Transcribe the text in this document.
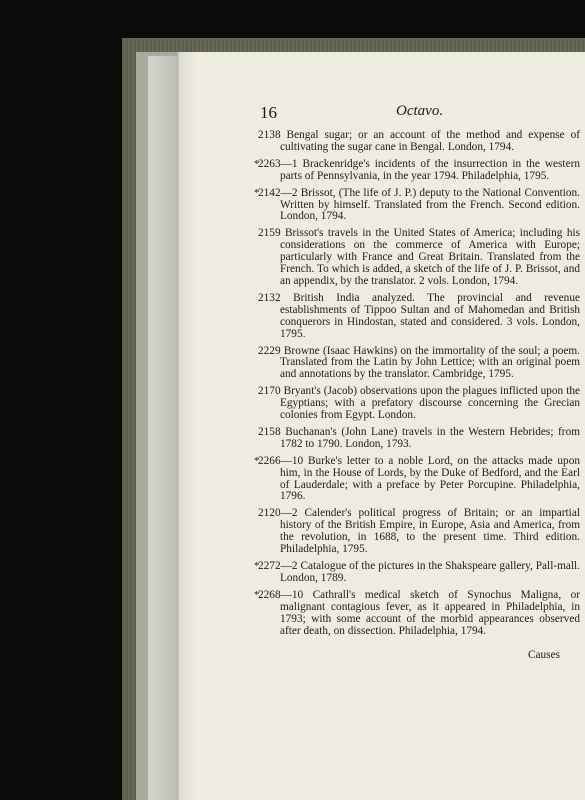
16	Octavo.
2138 Bengal sugar; or an account of the method and expense of cultivating the sugar cane in Bengal. London, 1794.
*
2263—1 Brackenridge's incidents of the insurrection in the western parts of Pennsylvania, in the year 1794. Philadelphia, 1795.
*
2142—2 Brissot, (The life of J. P.) deputy to the National Convention. Written by himself. Translated from the French. Second edition. London, 1794.
2159 Brissot's travels in the United States of America; including his considerations on the commerce of America with Europe; particularly with France and Great Britain. Translated from the French. To which is added, a sketch of the life of J. P. Brissot, and an appendix, by the translator. 2 vols. London, 1794.
2132 British India analyzed. The provincial and revenue establishments of Tippoo Sultan and of Mahomedan and British conquerors in Hindostan, stated and considered. 3 vols. London, 1795.
2229 Browne (Isaac Hawkins) on the immortality of the soul; a poem. Translated from the Latin by John Lettice; with an original poem and annotations by the translator. Cambridge, 1795.
2170 Bryant's (Jacob) observations upon the plagues inflicted upon the Egyptians; with a prefatory discourse concerning the Grecian colonies from Egypt. London.
2158 Buchanan's (John Lane) travels in the Western Hebrides; from 1782 to 1790. London, 1793.
*
2266—10 Burke's letter to a noble Lord, on the attacks made upon him, in the House of Lords, by the Duke of Bedford, and the Earl of Lauderdale; with a preface by Peter Porcupine. Philadelphia, 1796.
2120—2 Calender's political progress of Britain; or an impartial history of the British Empire, in Europe, Asia and America, from the revolution, in 1688, to the present time. Third edition. Philadelphia, 1795.
*
2272—2 Catalogue of the pictures in the Shakspeare gallery, Pall-mall. London, 1789.
*
2268—10 Cathrall's medical sketch of Synochus Maligna, or malignant contagious fever, as it appeared in Philadelphia, in 1793; with some account of the morbid appearances observed after death, on dissection. Philadelphia, 1794.
Causes
